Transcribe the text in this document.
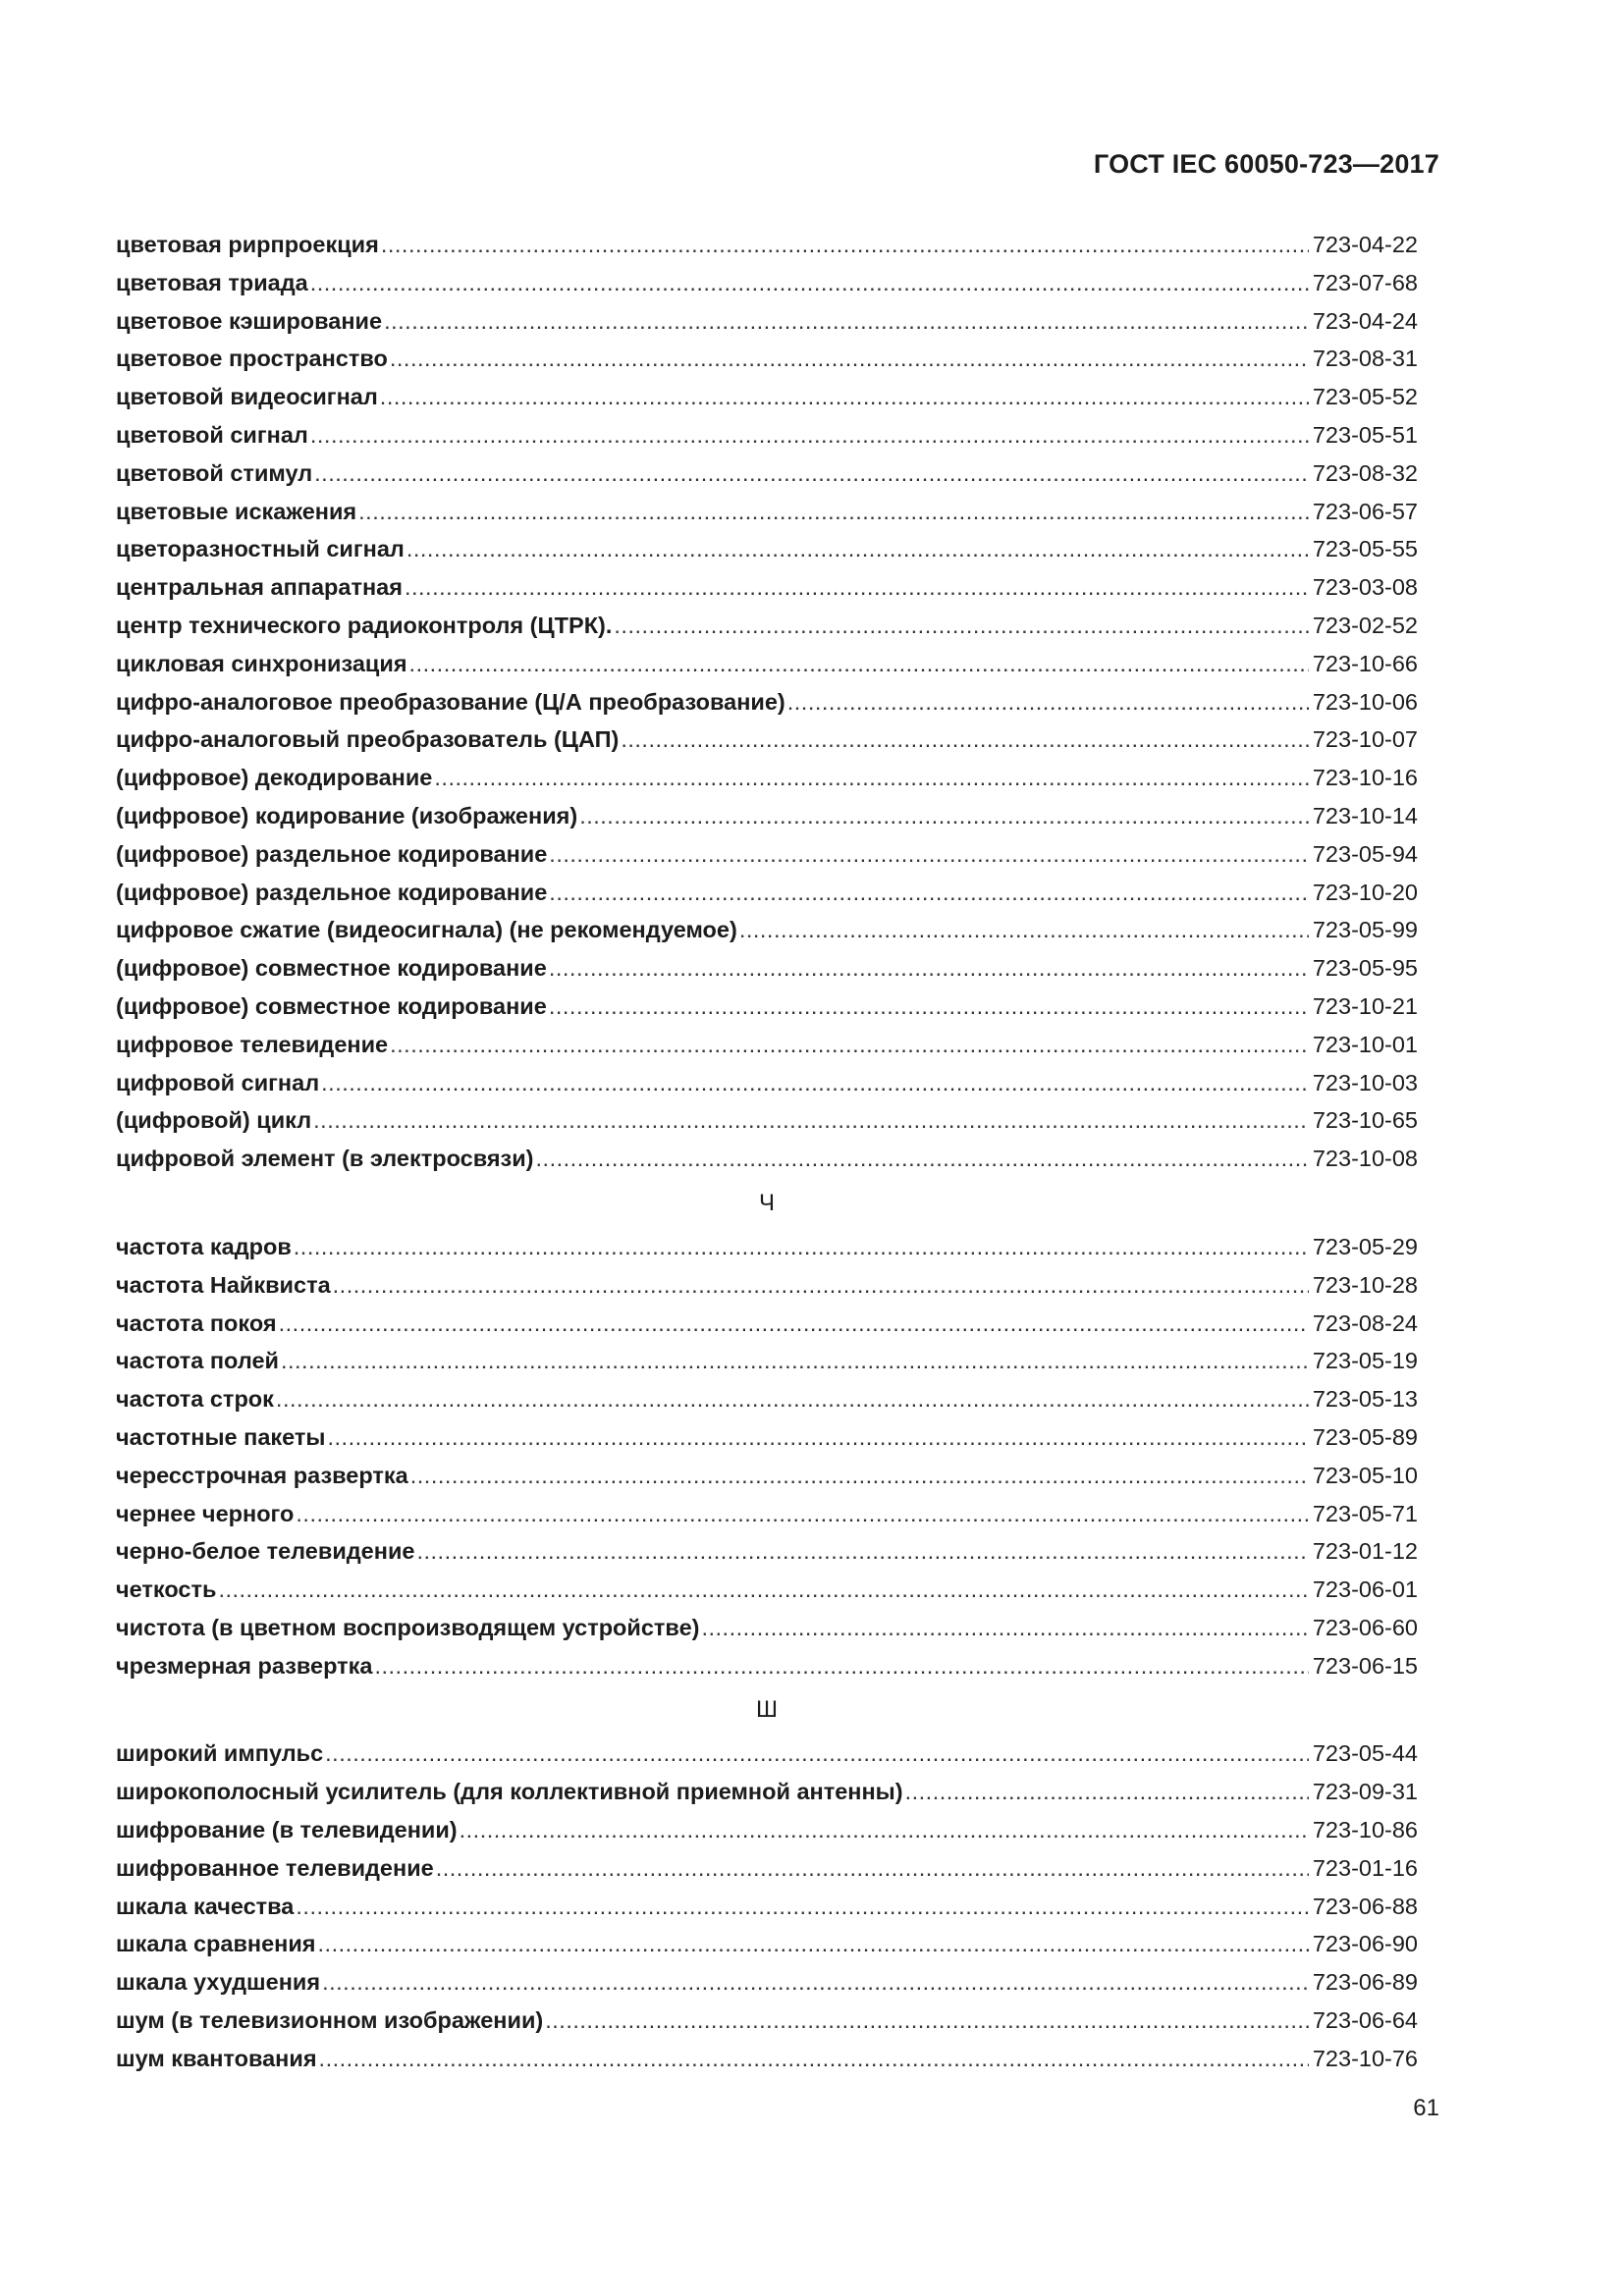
ГОСТ IEC 60050-723—2017
цветовая рирпроекция .....	723-04-22
цветовая триада .....	723-07-68
цветовое кэширование .....	723-04-24
цветовое пространство .....	723-08-31
цветовой видеосигнал .....	723-05-52
цветовой сигнал .....	723-05-51
цветовой стимул .....	723-08-32
цветовые искажения .....	723-06-57
цветоразностный сигнал .....	723-05-55
центральная аппаратная .....	723-03-08
центр технического радиоконтроля (ЦТРК). .....	723-02-52
цикловая синхронизация .....	723-10-66
цифро-аналоговое преобразование (Ц/А преобразование) .....	723-10-06
цифро-аналоговый преобразователь (ЦАП) .....	723-10-07
(цифровое) декодирование .....	723-10-16
(цифровое) кодирование (изображения) .....	723-10-14
(цифровое) раздельное кодирование .....	723-05-94
(цифровое) раздельное кодирование .....	723-10-20
цифровое сжатие (видеосигнала) (не рекомендуемое) .....	723-05-99
(цифровое) совместное кодирование .....	723-05-95
(цифровое) совместное кодирование .....	723-10-21
цифровое телевидение .....	723-10-01
цифровой сигнал .....	723-10-03
(цифровой) цикл .....	723-10-65
цифровой элемент (в электросвязи) .....	723-10-08
Ч
частота кадров .....	723-05-29
частота Найквиста .....	723-10-28
частота покоя .....	723-08-24
частота полей .....	723-05-19
частота строк .....	723-05-13
частотные пакеты .....	723-05-89
чересстрочная развертка .....	723-05-10
чернее черного .....	723-05-71
черно-белое телевидение .....	723-01-12
четкость .....	723-06-01
чистота (в цветном воспроизводящем устройстве) .....	723-06-60
чрезмерная развертка .....	723-06-15
Ш
широкий импульс .....	723-05-44
широкополосный усилитель (для коллективной приемной антенны) .....	723-09-31
шифрование (в телевидении) .....	723-10-86
шифрованное телевидение .....	723-01-16
шкала качества .....	723-06-88
шкала сравнения .....	723-06-90
шкала ухудшения .....	723-06-89
шум (в телевизионном изображении) .....	723-06-64
шум квантования .....	723-10-76
61
